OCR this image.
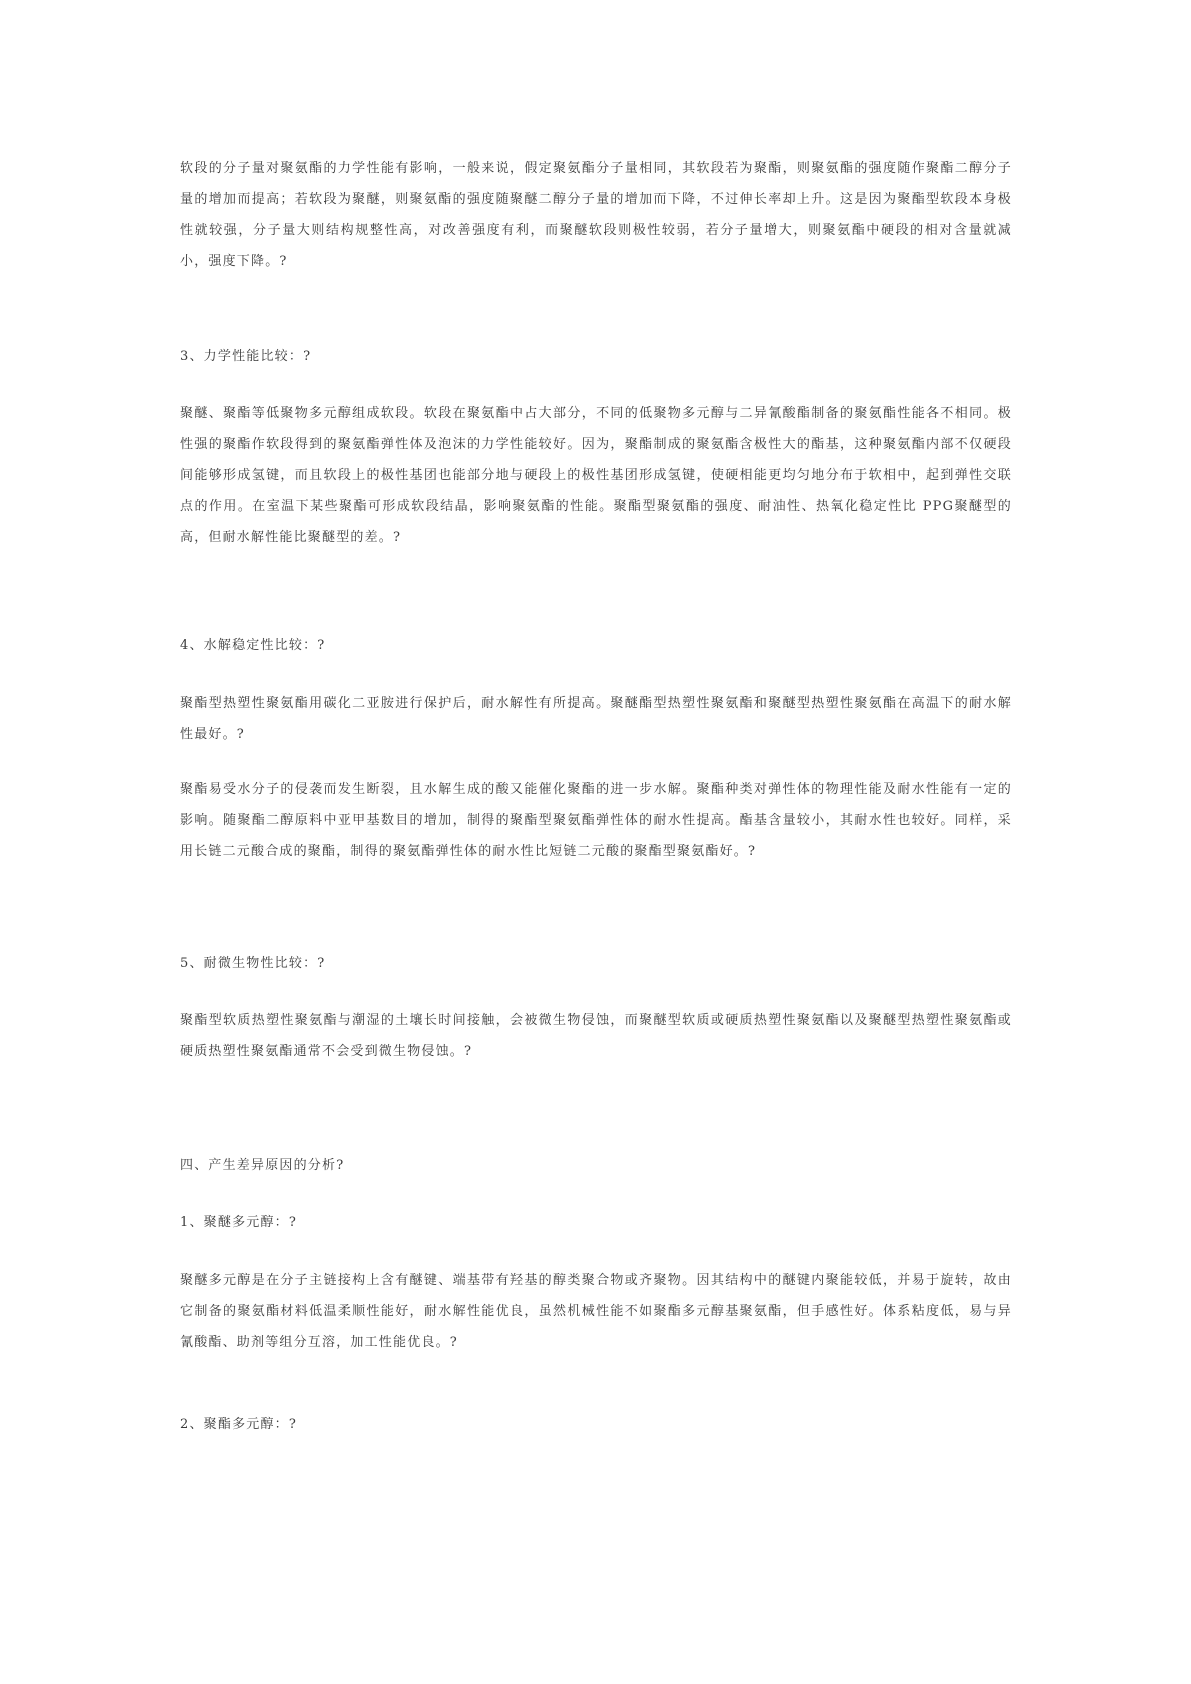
软段的分子量对聚氨酯的力学性能有影响，一般来说，假定聚氨酯分子量相同，其软段若为聚酯，则聚氨酯的强度随作聚酯二醇分子量的增加而提高；若软段为聚醚，则聚氨酯的强度随聚醚二醇分子量的增加而下降，不过伸长率却上升。这是因为聚酯型软段本身极性就较强，分子量大则结构规整性高，对改善强度有利，而聚醚软段则极性较弱，若分子量增大，则聚氨酯中硬段的相对含量就减小，强度下降。?

3、力学性能比较：?

聚醚、聚酯等低聚物多元醇组成软段。软段在聚氨酯中占大部分，不同的低聚物多元醇与二异氰酸酯制备的聚氨酯性能各不相同。极性强的聚酯作软段得到的聚氨酯弹性体及泡沫的力学性能较好。因为，聚酯制成的聚氨酯含极性大的酯基，这种聚氨酯内部不仅硬段间能够形成氢键，而且软段上的极性基团也能部分地与硬段上的极性基团形成氢键，使硬相能更均匀地分布于软相中，起到弹性交联点的作用。在室温下某些聚酯可形成软段结晶，影响聚氨酯的性能。聚酯型聚氨酯的强度、耐油性、热氧化稳定性比 PPG聚醚型的高，但耐水解性能比聚醚型的差。?

4、水解稳定性比较：?

聚酯型热塑性聚氨酯用碳化二亚胺进行保护后，耐水解性有所提高。聚醚酯型热塑性聚氨酯和聚醚型热塑性聚氨酯在高温下的耐水解性最好。?

聚酯易受水分子的侵袭而发生断裂，且水解生成的酸又能催化聚酯的进一步水解。聚酯种类对弹性体的物理性能及耐水性能有一定的影响。随聚酯二醇原料中亚甲基数目的增加，制得的聚酯型聚氨酯弹性体的耐水性提高。酯基含量较小，其耐水性也较好。同样，采用长链二元酸合成的聚酯，制得的聚氨酯弹性体的耐水性比短链二元酸的聚酯型聚氨酯好。?

5、耐微生物性比较：?

聚酯型软质热塑性聚氨酯与潮湿的土壤长时间接触，会被微生物侵蚀，而聚醚型软质或硬质热塑性聚氨酯以及聚醚型热塑性聚氨酯或硬质热塑性聚氨酯通常不会受到微生物侵蚀。?

四、产生差异原因的分析?

1、聚醚多元醇：?

聚醚多元醇是在分子主链接构上含有醚键、端基带有羟基的醇类聚合物或齐聚物。因其结构中的醚键内聚能较低，并易于旋转，故由它制备的聚氨酯材料低温柔顺性能好，耐水解性能优良，虽然机械性能不如聚酯多元醇基聚氨酯，但手感性好。体系粘度低，易与异氰酸酯、助剂等组分互溶，加工性能优良。?

2、聚酯多元醇：?
